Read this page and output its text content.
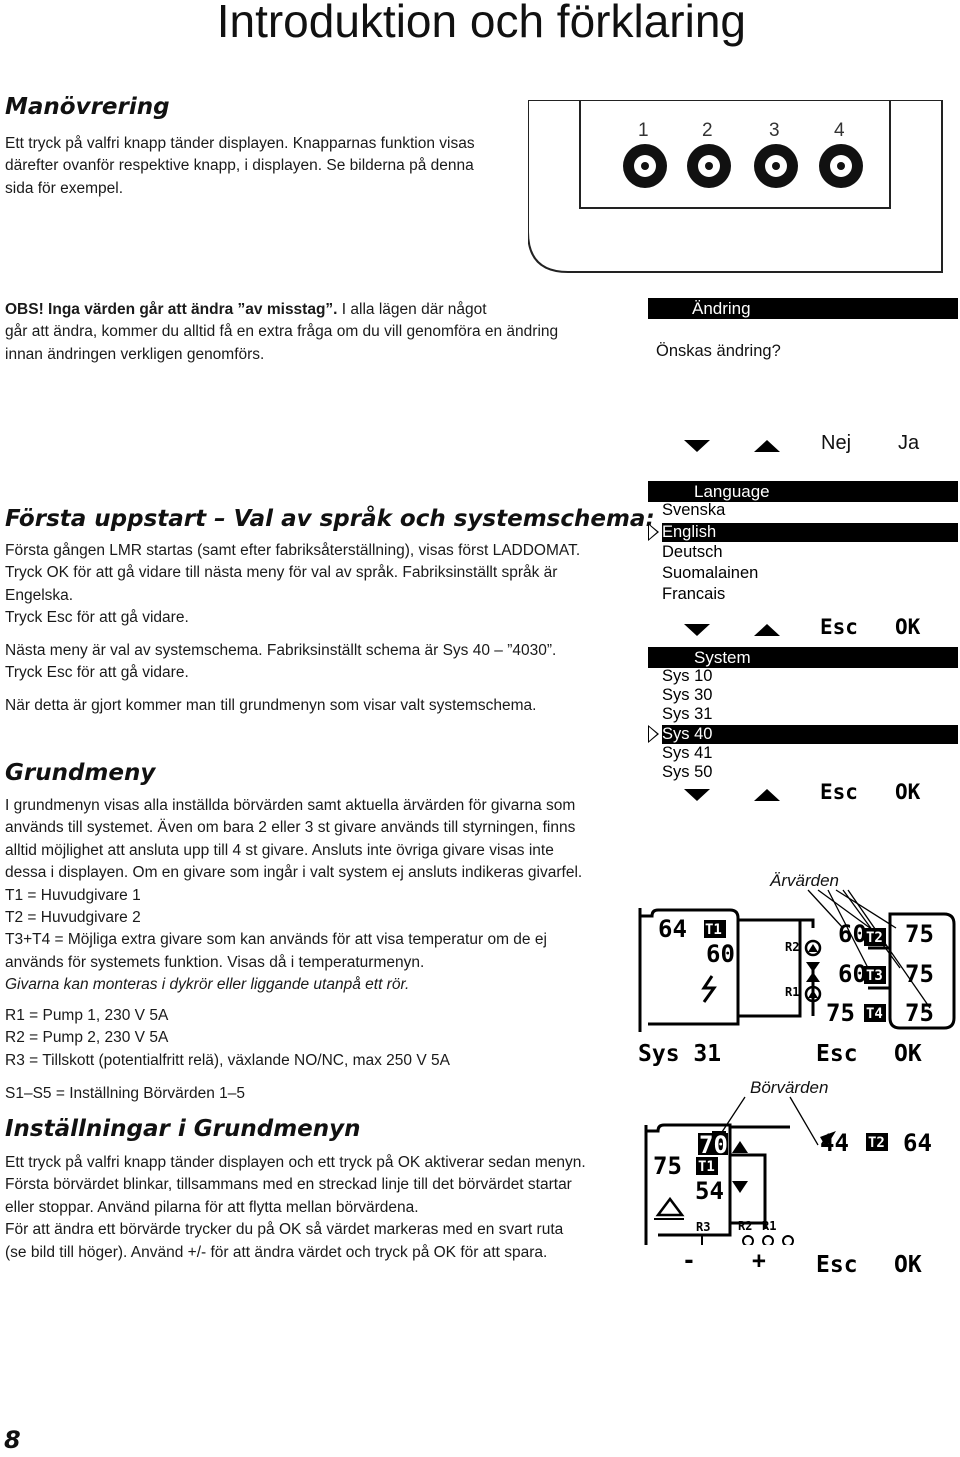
Introduktion och förklaring
Manövrering
Ett tryck på valfri knapp tänder displayen. Knapparnas funktion visas
därefter ovanför respektive knapp, i displayen. Se bilderna på denna
sida för exempel.
1	2	3	4
OBS! Inga värden går att ändra ”av misstag”. I alla lägen där något
går att ändra, kommer du alltid få en extra fråga om du vill genomföra en ändring
innan ändringen verkligen genomförs.
Ändring
Önskas ändring?
Nej Ja
Första uppstart – Val av språk och systemschema:
Första gången LMR startas (samt efter fabriksåterställning), visas först LADDOMAT.
Tryck OK för att gå vidare till nästa meny för val av språk. Fabriksinställt språk är
Engelska.
Tryck Esc för att gå vidare.
Nästa meny är val av systemschema. Fabriksinställt schema är Sys 40 – ”4030”.
Tryck Esc för att gå vidare.
När detta är gjort kommer man till grundmenyn som visar valt systemschema.
Language
Svenska
English
Deutsch
Suomalainen
Francais
Esc OK
System
Sys 10
Sys 30
Sys 31
Sys 40
Sys 41
Sys 50
Esc OK
Grundmeny
I grundmenyn visas alla inställda börvärden samt aktuella ärvärden för givarna som
används till systemet. Även om bara 2 eller 3 st givare används till styrningen, finns
alltid möjlighet att ansluta upp till 4 st givare. Ansluts inte övriga givare visas inte
dessa i displayen. Om en givare som ingår i valt system ej ansluts indikeras givarfel.
T1 = Huvudgivare 1
T2 = Huvudgivare 2
T3+T4 = Möjliga extra givare som kan används för att visa temperatur om de ej
används för systemets funktion. Visas då i temperaturmenyn.
Givarna kan monteras i dykrör eller liggande utanpå ett rör.
R1 = Pump 1, 230 V 5A
R2 = Pump 2, 230 V 5A
R3 = Tillskott (potentialfritt relä), växlande NO/NC, max 250 V 5A
S1–S5 = Inställning Börvärden 1–5
Inställningar i Grundmenyn
Ett tryck på valfri knapp tänder displayen och ett tryck på OK aktiverar sedan menyn.
Första börvärdet blinkar, tillsammans med en streckad linje till det börvärdet startar
eller stoppar. Använd pilarna för att flytta mellan börvärdena.
För att ändra ett börvärde trycker du på OK så värdet markeras med en svart ruta
(se bild till höger). Använd +/- för att ändra värdet och tryck på OK för att spara.
Ärvärden
64 T1
60	R2
R1
60 T2 75
60 T3 75
75 T4 75
Sys 31	Esc OK
Börvärden
70
75 T1
54
44 T2 64
R3 R2 R1
- + Esc OK
8
